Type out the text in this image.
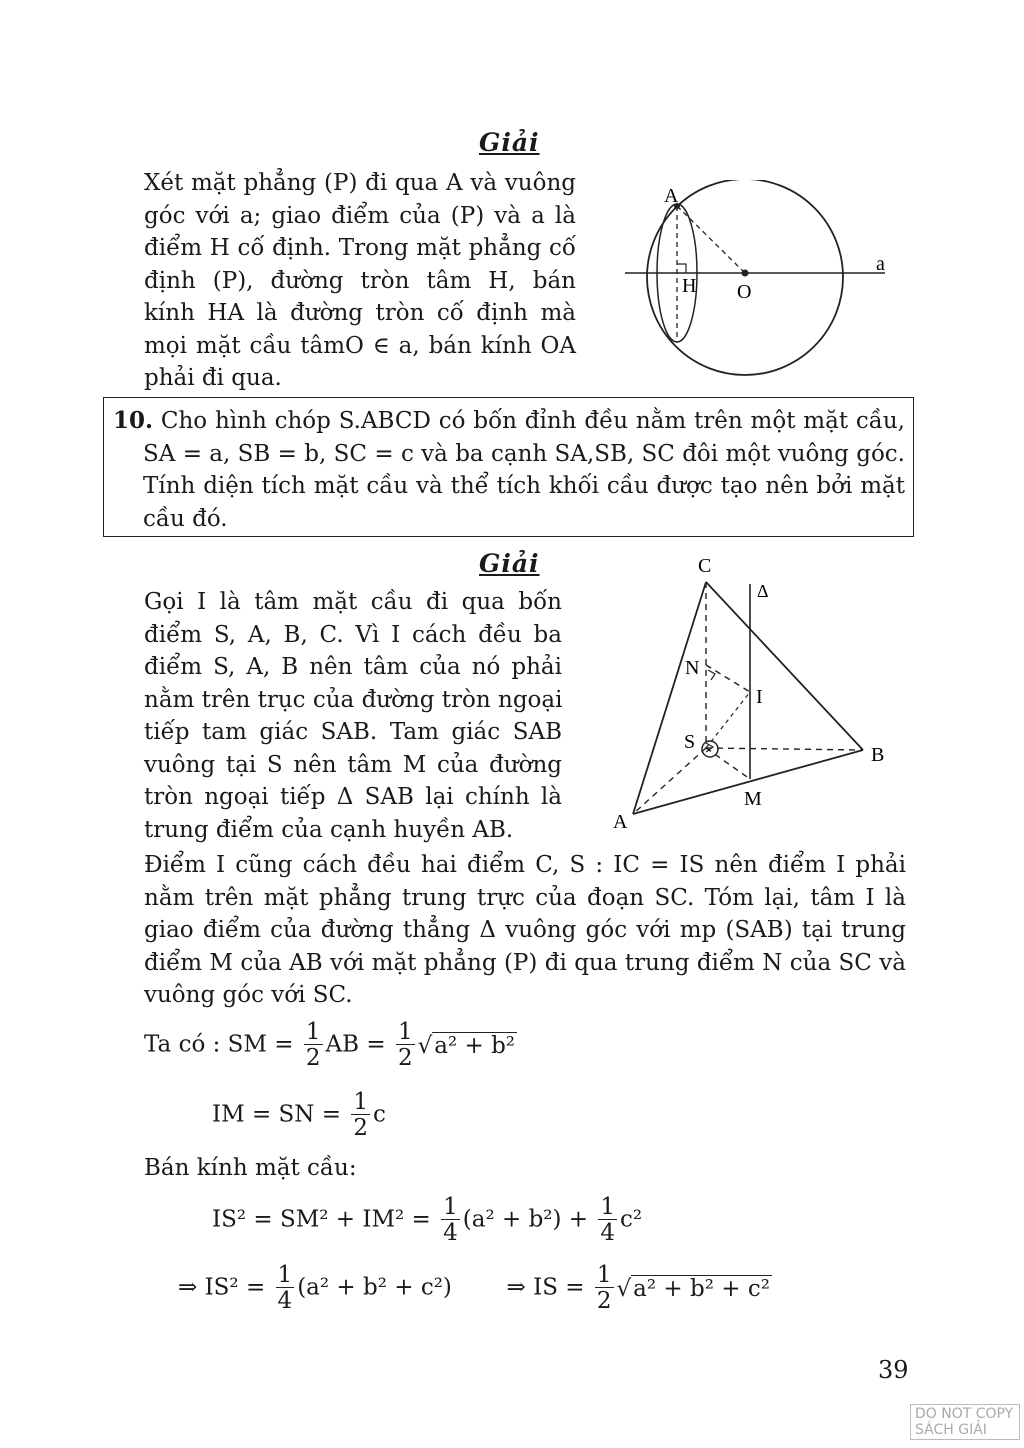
Giải
Xét mặt phẳng (P) đi qua A và vuông
góc với a; giao điểm của (P) và a là
điểm H cố định. Trong mặt phẳng cố
định (P), đường tròn tâm H, bán
kính HA là đường tròn cố định mà
mọi mặt cầu tâmO ∈ a, bán kính OA
phải đi qua.
A
H O
a
10. Cho hình chóp S.ABCD có bốn đỉnh đều nằm trên một mặt cầu,
SA = a, SB = b, SC = c và ba cạnh SA,SB, SC đôi một vuông góc.
Tính diện tích mặt cầu và thể tích khối cầu được tạo nên bởi mặt
cầu đó.
Giải
Gọi I là tâm mặt cầu đi qua bốn
điểm S, A, B, C. Vì I cách đều ba
điểm S, A, B nên tâm của nó phải
nằm trên trục của đường tròn ngoại
tiếp tam giác SAB. Tam giác SAB
vuông tại S nên tâm M của đường
tròn ngoại tiếp Δ SAB lại chính là
trung điểm của cạnh huyền AB.
C
Δ
N
I
S
B
M
A
Điểm I cũng cách đều hai điểm C, S : IC = IS nên điểm I phải
nằm trên mặt phẳng trung trực của đoạn SC. Tóm lại, tâm I là
giao điểm của đường thẳng Δ vuông góc với mp (SAB) tại trung
điểm M của AB với mặt phẳng (P) đi qua trung điểm N của SC và
vuông góc với SC.
Ta có : SM = $\frac{1}{2}$ AB = $\frac{1}{2} √a^2 + b^2$
IM = SN = $\frac{1}{2}$ c
Bán kính mặt cầu:
$IS^2 = SM^2 + IM^2 = \frac{1}{4} (a^2 + b^2) + \frac{1}{4} c^2$
⇒ $IS^2 = \frac{1}{4} (a^2 + b^2 + c^2)$ ⇒ IS = $\frac{1}{2} √a^2 + b^2 + c^2$
39
DO NOT COPY SÁCH GIẢI
